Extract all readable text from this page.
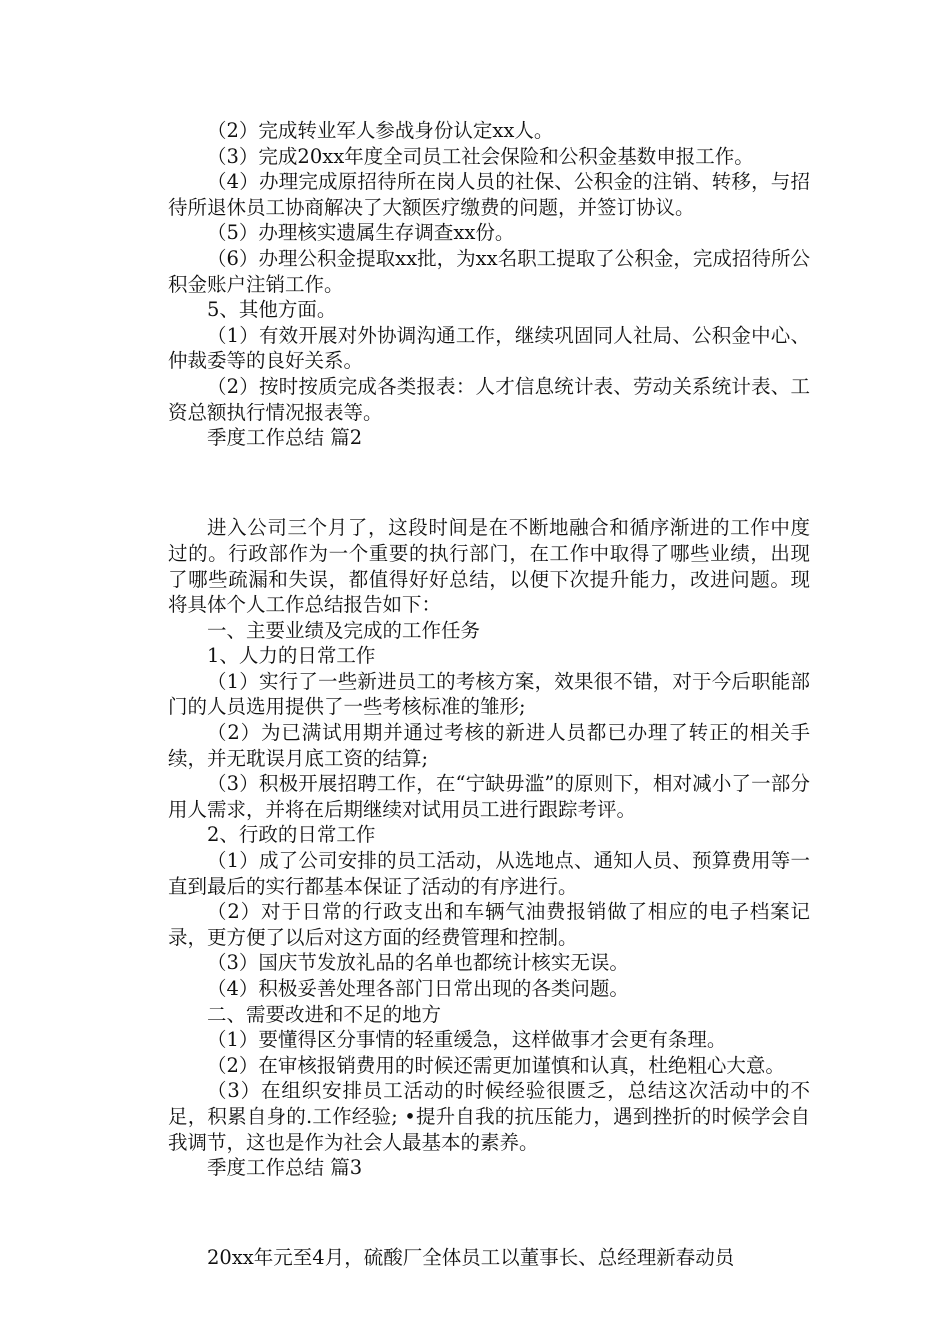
（2）完成转业军人参战身份认定xx人。

（3）完成20xx年度全司员工社会保险和公积金基数申报工作。

（4）办理完成原招待所在岗人员的社保、公积金的注销、转移，与招待所退休员工协商解决了大额医疗缴费的问题，并签订协议。

（5）办理核实遗属生存调查xx份。

（6）办理公积金提取xx批，为xx名职工提取了公积金，完成招待所公积金账户注销工作。

5、其他方面。

（1）有效开展对外协调沟通工作，继续巩固同人社局、公积金中心、仲裁委等的良好关系。

（2）按时按质完成各类报表：人才信息统计表、劳动关系统计表、工资总额执行情况报表等。

季度工作总结 篇2

进入公司三个月了，这段时间是在不断地融合和循序渐进的工作中度过的。行政部作为一个重要的执行部门，在工作中取得了哪些业绩，出现了哪些疏漏和失误，都值得好好总结，以便下次提升能力，改进问题。现将具体个人工作总结报告如下：

一、主要业绩及完成的工作任务

1、人力的日常工作

（1）实行了一些新进员工的考核方案，效果很不错，对于今后职能部门的人员选用提供了一些考核标准的雏形;

（2）为已满试用期并通过考核的新进人员都已办理了转正的相关手续，并无耽误月底工资的结算;

（3）积极开展招聘工作，在“宁缺毋滥”的原则下，相对减小了一部分用人需求，并将在后期继续对试用员工进行跟踪考评。

2、行政的日常工作

（1）成了公司安排的员工活动，从选地点、通知人员、预算费用等一直到最后的实行都基本保证了活动的有序进行。

（2）对于日常的行政支出和车辆气油费报销做了相应的电子档案记录，更方便了以后对这方面的经费管理和控制。

（3）国庆节发放礼品的名单也都统计核实无误。

（4）积极妥善处理各部门日常出现的各类问题。

二、需要改进和不足的地方

（1）要懂得区分事情的轻重缓急，这样做事才会更有条理。

（2）在审核报销费用的时候还需更加谨慎和认真，杜绝粗心大意。

（3）在组织安排员工活动的时候经验很匮乏，总结这次活动中的不足，积累自身的.工作经验; •提升自我的抗压能力，遇到挫折的时候学会自我调节，这也是作为社会人最基本的素养。

季度工作总结 篇3

20xx年元至4月，硫酸厂全体员工以董事长、总经理新春动员
